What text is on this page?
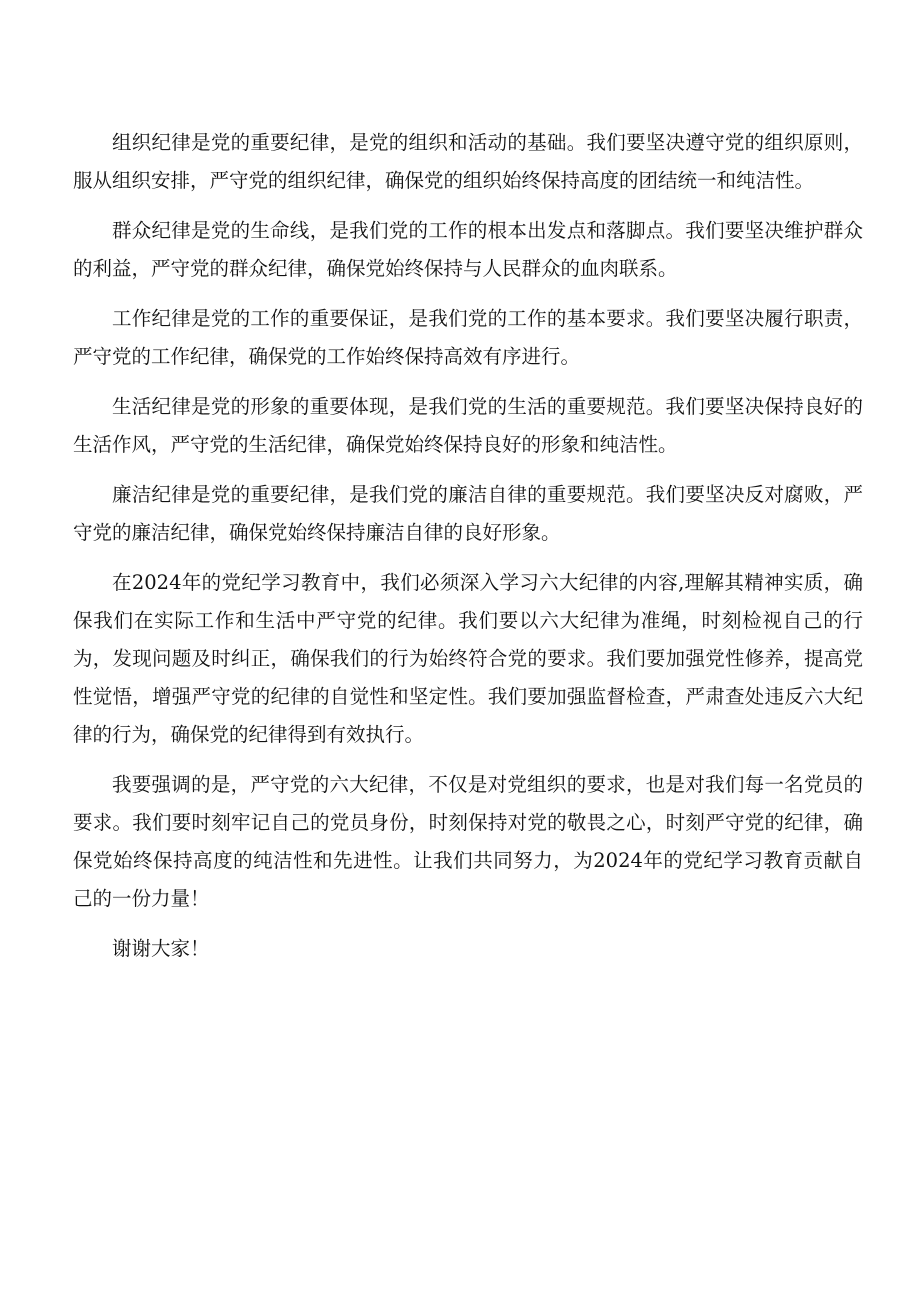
组织纪律是党的重要纪律，是党的组织和活动的基础。我们要坚决遵守党的组织原则，服从组织安排，严守党的组织纪律，确保党的组织始终保持高度的团结统一和纯洁性。

群众纪律是党的生命线，是我们党的工作的根本出发点和落脚点。我们要坚决维护群众的利益，严守党的群众纪律，确保党始终保持与人民群众的血肉联系。

工作纪律是党的工作的重要保证，是我们党的工作的基本要求。我们要坚决履行职责，严守党的工作纪律，确保党的工作始终保持高效有序进行。

生活纪律是党的形象的重要体现，是我们党的生活的重要规范。我们要坚决保持良好的生活作风，严守党的生活纪律，确保党始终保持良好的形象和纯洁性。

廉洁纪律是党的重要纪律，是我们党的廉洁自律的重要规范。我们要坚决反对腐败，严守党的廉洁纪律，确保党始终保持廉洁自律的良好形象。

在2024年的党纪学习教育中，我们必须深入学习六大纪律的内容,理解其精神实质，确保我们在实际工作和生活中严守党的纪律。我们要以六大纪律为准绳，时刻检视自己的行为，发现问题及时纠正，确保我们的行为始终符合党的要求。我们要加强党性修养，提高党性觉悟，增强严守党的纪律的自觉性和坚定性。我们要加强监督检查，严肃查处违反六大纪律的行为，确保党的纪律得到有效执行。

我要强调的是，严守党的六大纪律，不仅是对党组织的要求，也是对我们每一名党员的要求。我们要时刻牢记自己的党员身份，时刻保持对党的敬畏之心，时刻严守党的纪律，确保党始终保持高度的纯洁性和先进性。让我们共同努力，为2024年的党纪学习教育贡献自己的一份力量！

谢谢大家！
